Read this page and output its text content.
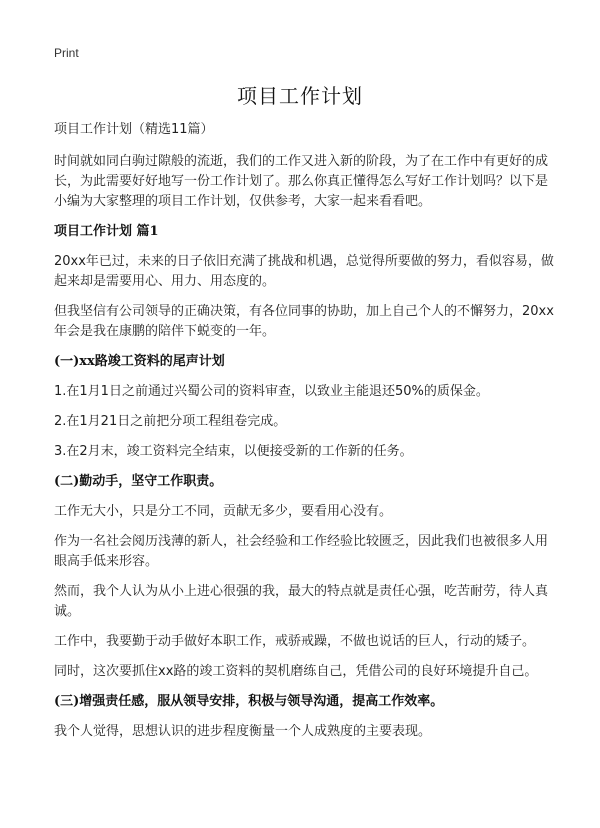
Print
项目工作计划

项目工作计划（精选11篇）

时间就如同白驹过隙般的流逝，我们的工作又进入新的阶段，为了在工作中有更好的成长，为此需要好好地写一份工作计划了。那么你真正懂得怎么写好工作计划吗？以下是小编为大家整理的项目工作计划，仅供参考，大家一起来看看吧。

项目工作计划 篇1

20xx年已过，未来的日子依旧充满了挑战和机遇，总觉得所要做的努力，看似容易，做起来却是需要用心、用力、用态度的。

但我坚信有公司领导的正确决策，有各位同事的协助，加上自己个人的不懈努力，20xx年会是我在康鹏的陪伴下蜕变的一年。

(一)xx路竣工资料的尾声计划

1.在1月1日之前通过兴蜀公司的资料审查，以致业主能退还50%的质保金。

2.在1月21日之前把分项工程组卷完成。

3.在2月末，竣工资料完全结束，以便接受新的工作新的任务。

(二)勤动手，坚守工作职责。

工作无大小，只是分工不同，贡献无多少，要看用心没有。

作为一名社会阅历浅薄的新人，社会经验和工作经验比较匮乏，因此我们也被很多人用眼高手低来形容。

然而，我个人认为从小上进心很强的我，最大的特点就是责任心强，吃苦耐劳，待人真诚。

工作中，我要勤于动手做好本职工作，戒骄戒躁，不做也说话的巨人，行动的矮子。

同时，这次要抓住xx路的竣工资料的契机磨练自己，凭借公司的良好环境提升自己。

(三)增强责任感，服从领导安排，积极与领导沟通，提高工作效率。

我个人觉得，思想认识的进步程度衡量一个人成熟度的主要表现。
